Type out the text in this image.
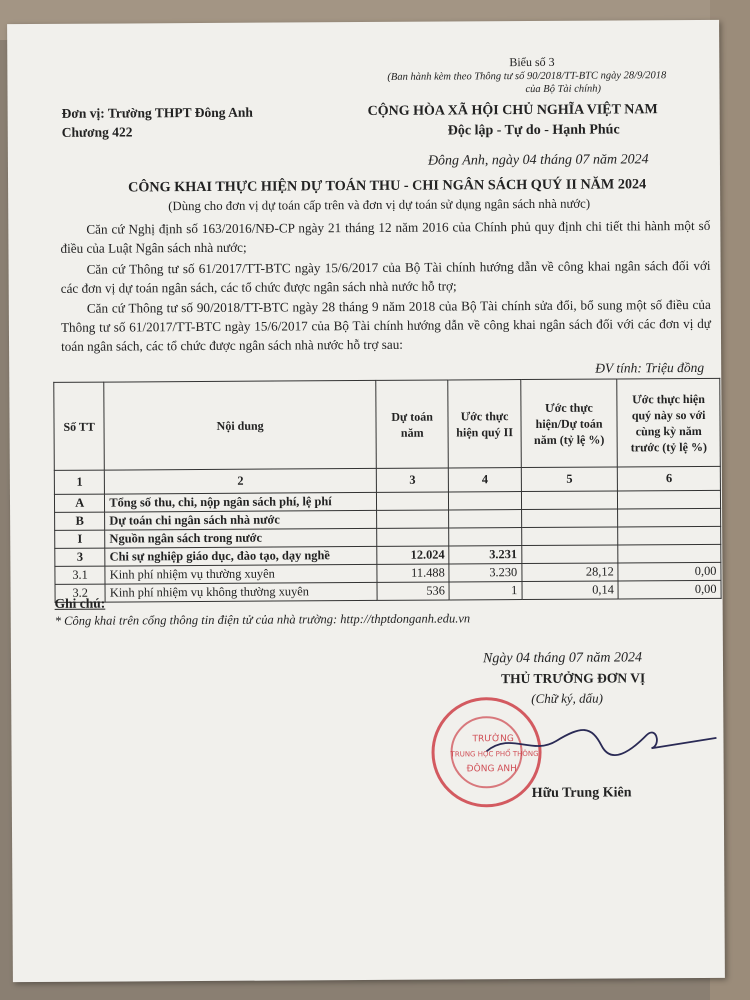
Biểu số 3
(Ban hành kèm theo Thông tư số 90/2018/TT-BTC ngày 28/9/2018
của Bộ Tài chính)
Đơn vị: Trường THPT Đông Anh
Chương 422
CỘNG HÒA XÃ HỘI CHỦ NGHĨA VIỆT NAM
Độc lập - Tự do - Hạnh Phúc
Đông Anh, ngày 04 tháng 07 năm 2024
CÔNG KHAI THỰC HIỆN DỰ TOÁN THU - CHI NGÂN SÁCH QUÝ II NĂM 2024
(Dùng cho đơn vị dự toán cấp trên và đơn vị dự toán sử dụng ngân sách nhà nước)

Căn cứ Nghị định số 163/2016/NĐ-CP ngày 21 tháng 12 năm 2016 của Chính phủ quy định chi tiết thi hành một số điều của Luật Ngân sách nhà nước;

Căn cứ Thông tư số 61/2017/TT-BTC ngày 15/6/2017 của Bộ Tài chính hướng dẫn về công khai ngân sách đối với các đơn vị dự toán ngân sách, các tổ chức được ngân sách nhà nước hỗ trợ;

Căn cứ Thông tư số 90/2018/TT-BTC ngày 28 tháng 9 năm 2018 của Bộ Tài chính sửa đổi, bổ sung một số điều của Thông tư số 61/2017/TT-BTC ngày 15/6/2017 của Bộ Tài chính hướng dẫn về công khai ngân sách đối với các đơn vị dự toán ngân sách, các tổ chức được ngân sách nhà nước hỗ trợ sau:

ĐV tính: Triệu đồng
Số TT	Nội dung	Dự toán năm	Ước thực hiện quý II	Ước thực hiện/Dự toán năm (tỷ lệ %)	Ước thực hiện quý này so với cùng kỳ năm trước (tỷ lệ %)
1	2	3	4	5	6
A	Tổng số thu, chi, nộp ngân sách phí, lệ phí				
B	Dự toán chi ngân sách nhà nước				
I	Nguồn ngân sách trong nước				
3	Chi sự nghiệp giáo dục, đào tạo, dạy nghề	12.024	3.231		
3.1	Kinh phí nhiệm vụ thường xuyên	11.488	3.230	28,12	0,00
3.2	Kinh phí nhiệm vụ không thường xuyên	536	1	0,14	0,00
Ghi chú:
* Công khai trên cổng thông tin điện tử của nhà trường: http://thptdonganh.edu.vn
Ngày 04 tháng 07 năm 2024
THỦ TRƯỞNG ĐƠN VỊ
(Chữ ký, dấu)
TRƯỜNG
TRUNG HỌC PHỔ THÔNG
ĐÔNG ANH
Hữu Trung Kiên
